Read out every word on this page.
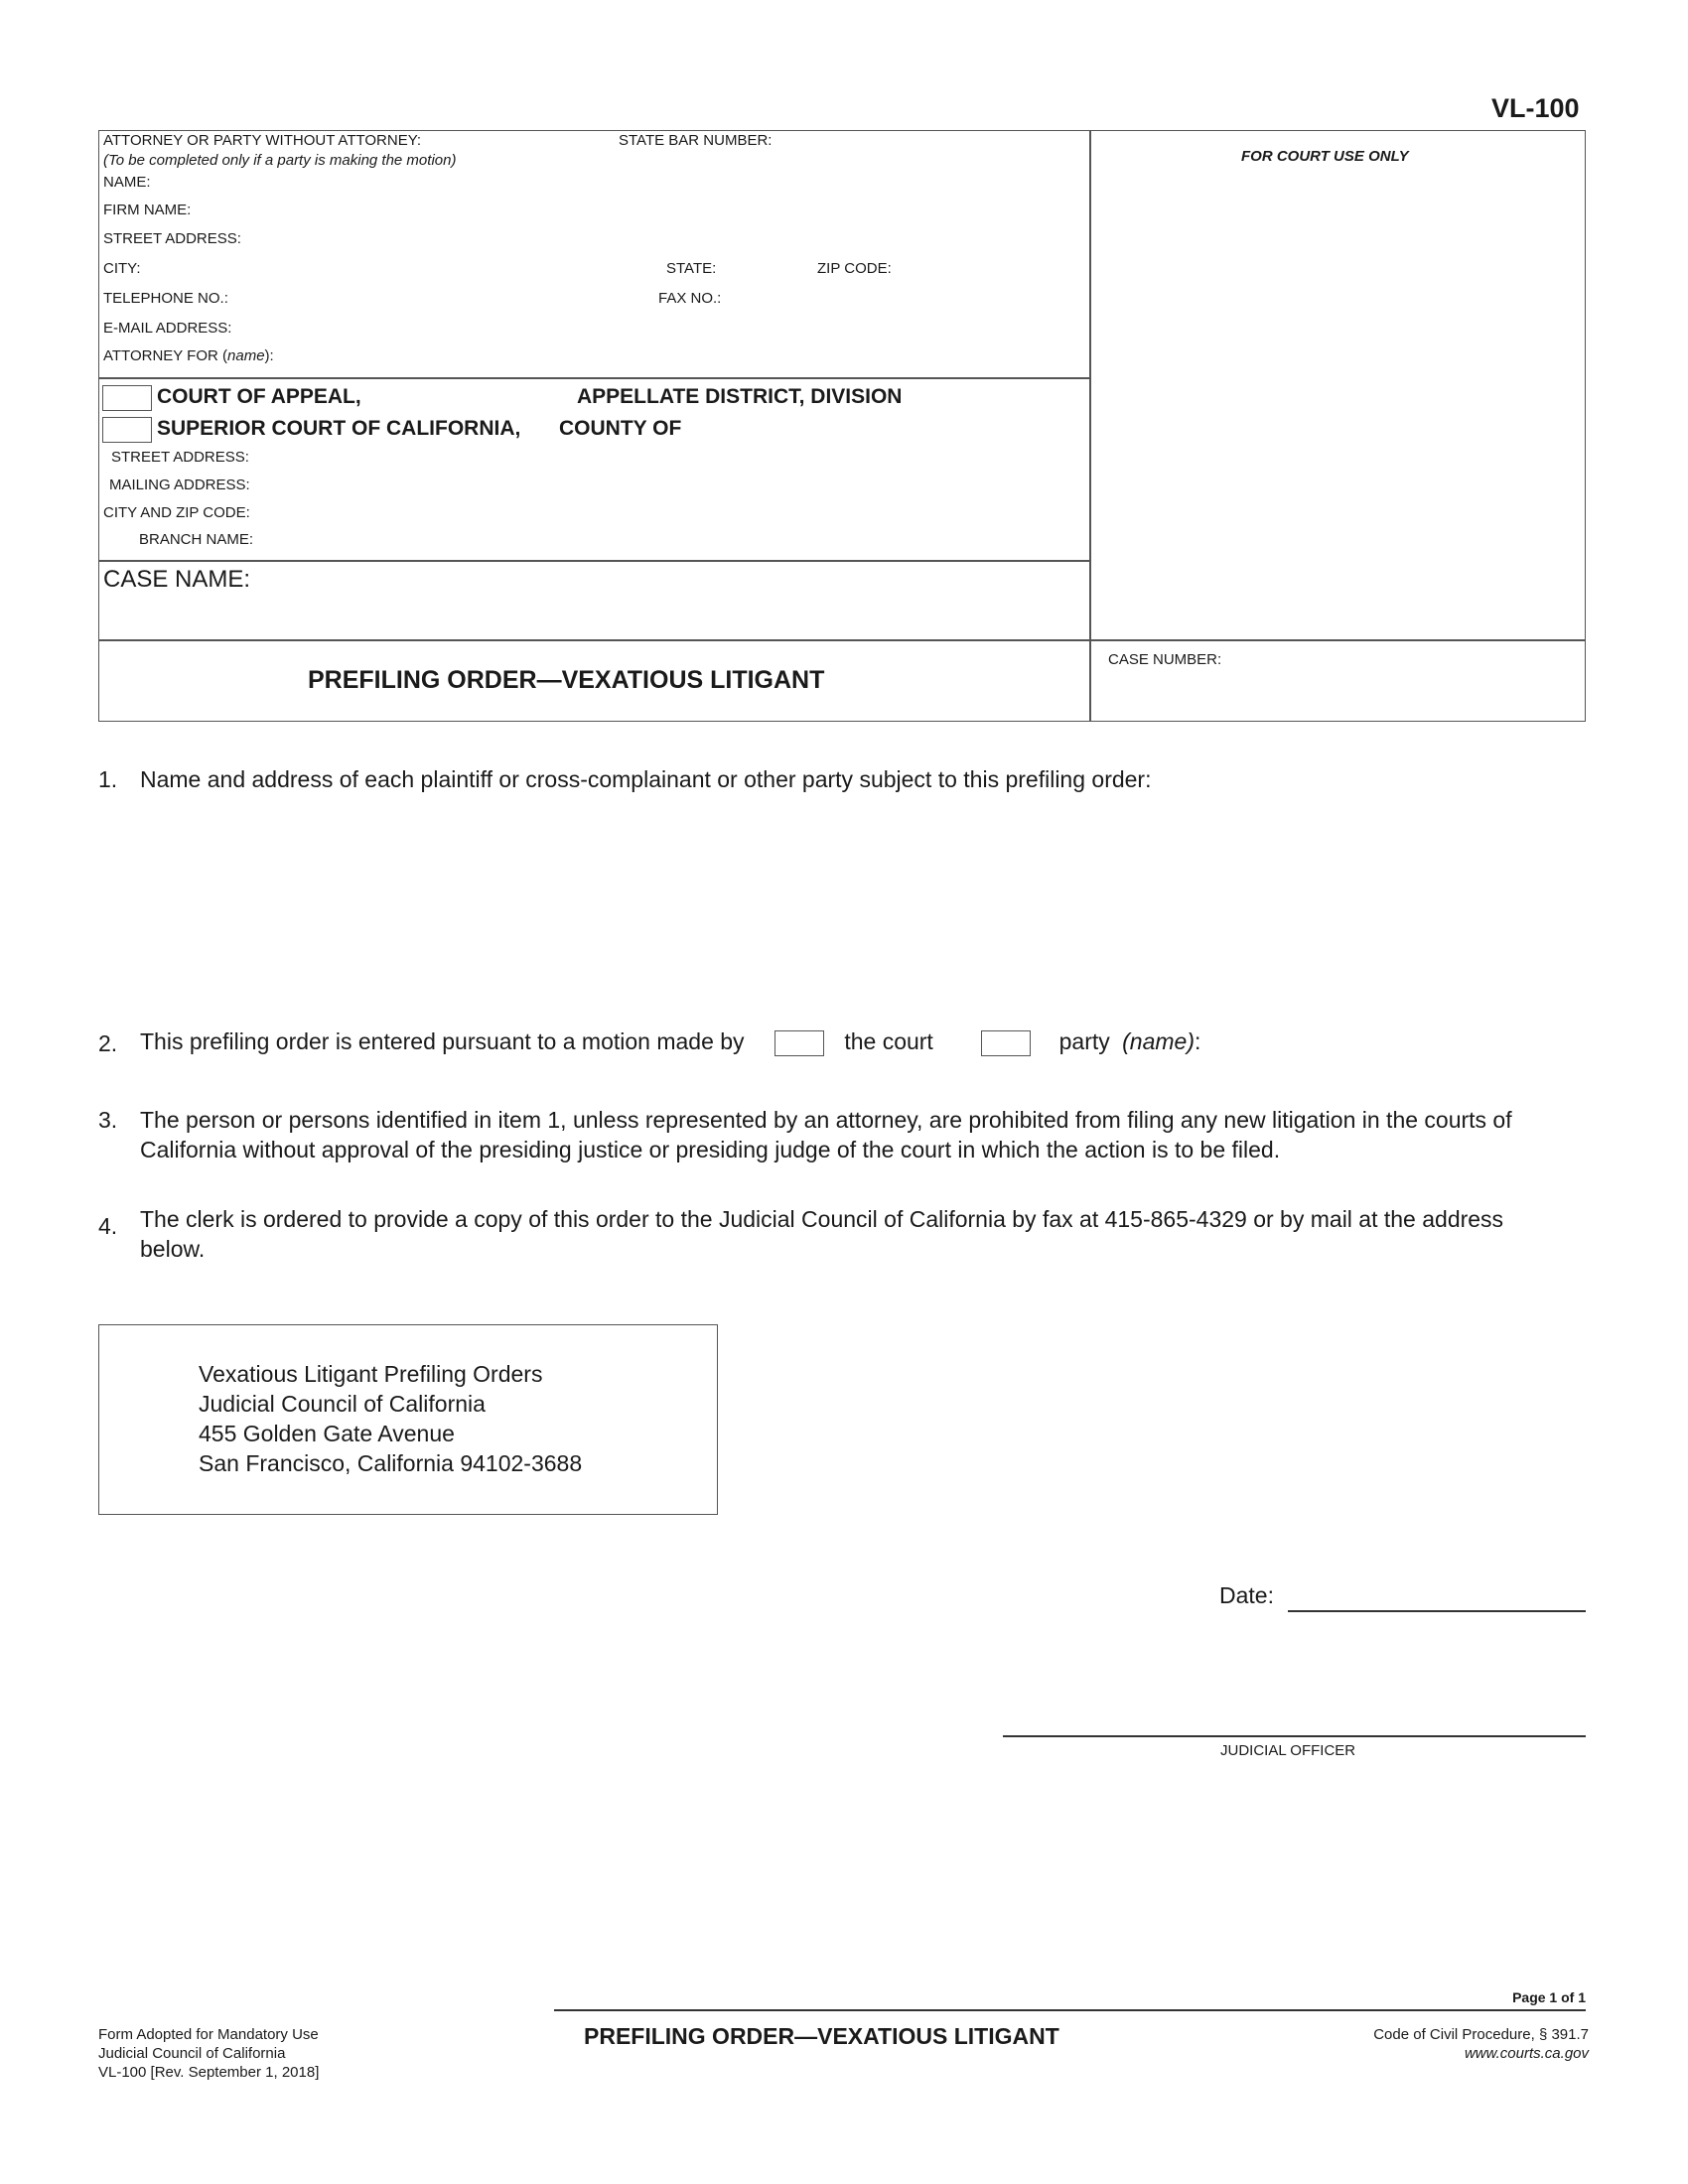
VL-100
ATTORNEY OR PARTY WITHOUT ATTORNEY:
(To be completed only if a party is making the motion)
STATE BAR NUMBER:
NAME:
FIRM NAME:
STREET ADDRESS:
CITY:	STATE:	ZIP CODE:
TELEPHONE NO.:	FAX NO.:
E-MAIL ADDRESS:
ATTORNEY FOR (name):
FOR COURT USE ONLY
COURT OF APPEAL,	APPELLATE DISTRICT, DIVISION
SUPERIOR COURT OF CALIFORNIA, COUNTY OF
STREET ADDRESS:
MAILING ADDRESS:
CITY AND ZIP CODE:
BRANCH NAME:
CASE NAME:
PREFILING ORDER—VEXATIOUS LITIGANT
CASE NUMBER:
1. Name and address of each plaintiff or cross-complainant or other party subject to this prefiling order:
2. This prefiling order is entered pursuant to a motion made by	the court	party (name):
3. The person or persons identified in item 1, unless represented by an attorney, are prohibited from filing any new litigation in the courts of California without approval of the presiding justice or presiding judge of the court in which the action is to be filed.
4. The clerk is ordered to provide a copy of this order to the Judicial Council of California by fax at 415-865-4329 or by mail at the address below.
Vexatious Litigant Prefiling Orders
Judicial Council of California
455 Golden Gate Avenue
San Francisco, California 94102-3688
Date:
JUDICIAL OFFICER
Page 1 of 1
Form Adopted for Mandatory Use
Judicial Council of California
VL-100 [Rev. September 1, 2018]
PREFILING ORDER—VEXATIOUS LITIGANT	Code of Civil Procedure, § 391.7
www.courts.ca.gov
